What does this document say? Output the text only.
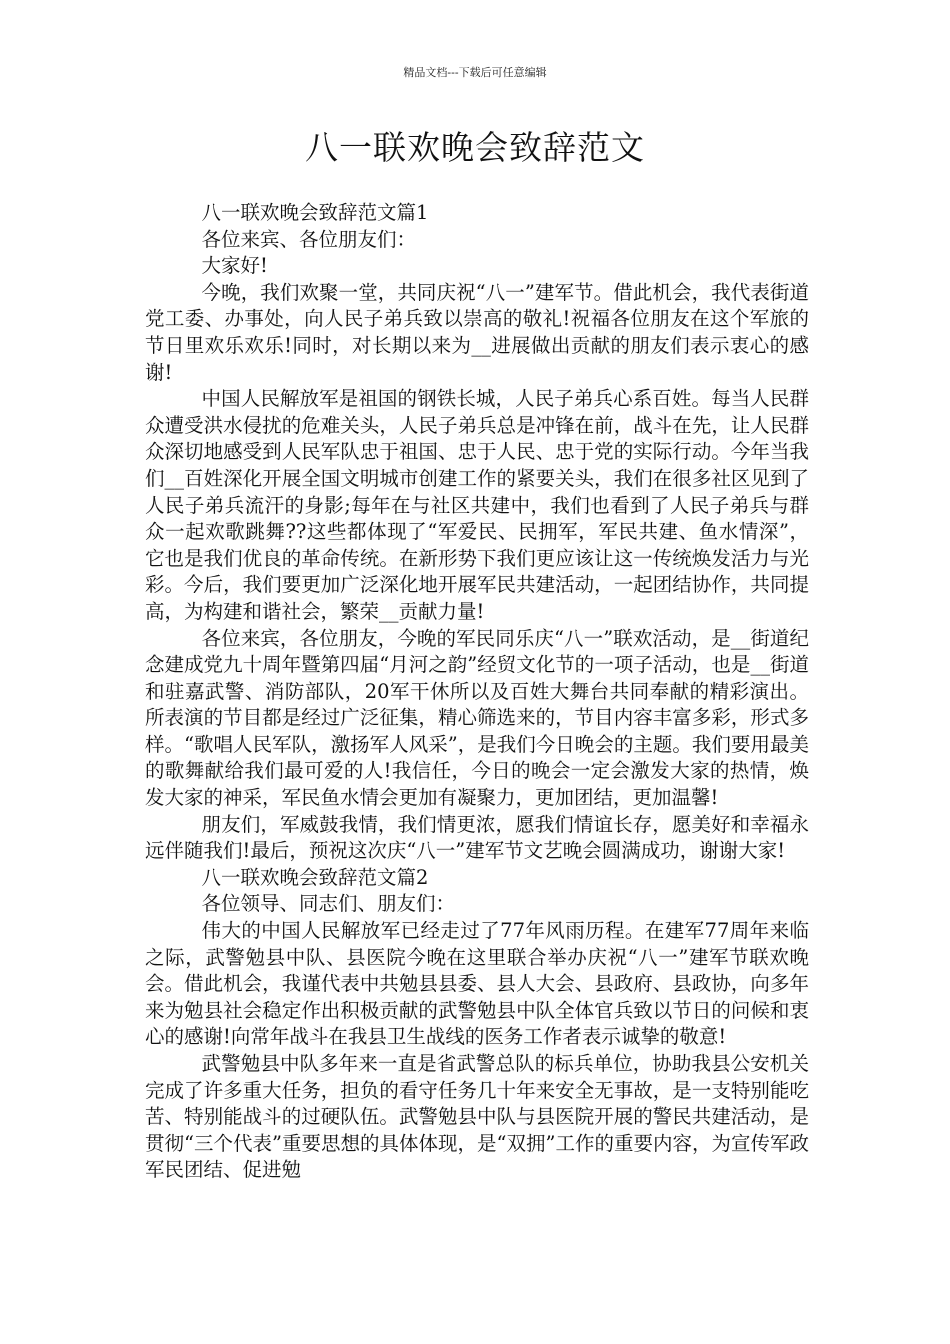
精品文档---下载后可任意编辑
八一联欢晚会致辞范文

八一联欢晚会致辞范文篇1

各位来宾、各位朋友们：

大家好!

今晚，我们欢聚一堂，共同庆祝“八一”建军节。借此机会，我代表街道党工委、办事处，向人民子弟兵致以崇高的敬礼!祝福各位朋友在这个军旅的节日里欢乐欢乐!同时，对长期以来为__进展做出贡献的朋友们表示衷心的感谢!

中国人民解放军是祖国的钢铁长城，人民子弟兵心系百姓。每当人民群众遭受洪水侵扰的危难关头，人民子弟兵总是冲锋在前，战斗在先，让人民群众深切地感受到人民军队忠于祖国、忠于人民、忠于党的实际行动。今年当我们__百姓深化开展全国文明城市创建工作的紧要关头，我们在很多社区见到了人民子弟兵流汗的身影;每年在与社区共建中，我们也看到了人民子弟兵与群众一起欢歌跳舞??这些都体现了“军爱民、民拥军，军民共建、鱼水情深”，它也是我们优良的革命传统。在新形势下我们更应该让这一传统焕发活力与光彩。今后，我们要更加广泛深化地开展军民共建活动，一起团结协作，共同提高，为构建和谐社会，繁荣__贡献力量!

各位来宾，各位朋友，今晚的军民同乐庆“八一”联欢活动，是__街道纪念建成党九十周年暨第四届“月河之韵”经贸文化节的一项子活动，也是__街道和驻嘉武警、消防部队，20军干休所以及百姓大舞台共同奉献的精彩演出。所表演的节目都是经过广泛征集，精心筛选来的，节目内容丰富多彩，形式多样。“歌唱人民军队，激扬军人风采”，是我们今日晚会的主题。我们要用最美的歌舞献给我们最可爱的人!我信任，今日的晚会一定会激发大家的热情，焕发大家的神采，军民鱼水情会更加有凝聚力，更加团结，更加温馨!

朋友们，军威鼓我情，我们情更浓，愿我们情谊长存，愿美好和幸福永远伴随我们!最后，预祝这次庆“八一”建军节文艺晚会圆满成功，谢谢大家!

八一联欢晚会致辞范文篇2

各位领导、同志们、朋友们：

伟大的中国人民解放军已经走过了77年风雨历程。在建军77周年来临之际，武警勉县中队、县医院今晚在这里联合举办庆祝“八一”建军节联欢晚会。借此机会，我谨代表中共勉县县委、县人大会、县政府、县政协，向多年来为勉县社会稳定作出积极贡献的武警勉县中队全体官兵致以节日的问候和衷心的感谢!向常年战斗在我县卫生战线的医务工作者表示诚挚的敬意!

武警勉县中队多年来一直是省武警总队的标兵单位，协助我县公安机关完成了许多重大任务，担负的看守任务几十年来安全无事故，是一支特别能吃苦、特别能战斗的过硬队伍。武警勉县中队与县医院开展的警民共建活动，是贯彻“三个代表”重要思想的具体体现，是“双拥”工作的重要内容，为宣传军政军民团结、促进勉
